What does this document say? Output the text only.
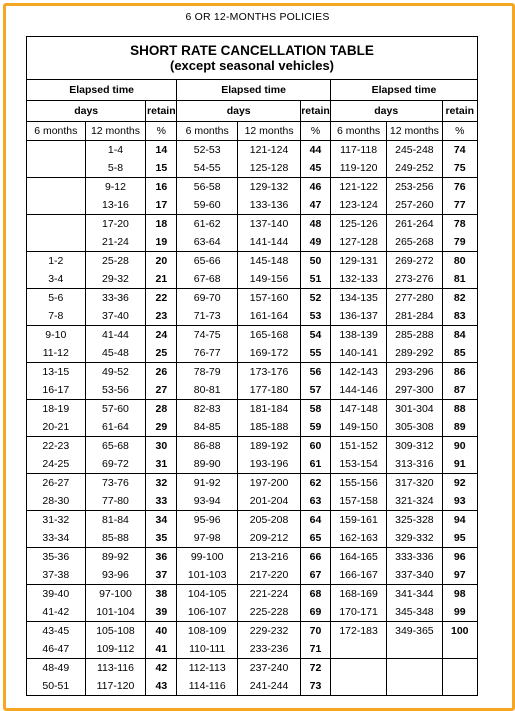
6 OR 12-MONTHS POLICIES
SHORT RATE CANCELLATION TABLE
(except seasonal vehicles)								

Elapsed time			Elapsed time			Elapsed time		
days		retain	days		retain	days		retain
6 months	12 months	%	6 months	12 months	%	6 months	12 months	%
	1-4	14	52-53	121-124	44	117-118	245-248	74
	5-8	15	54-55	125-128	45	119-120	249-252	75
	9-12	16	56-58	129-132	46	121-122	253-256	76
	13-16	17	59-60	133-136	47	123-124	257-260	77
	17-20	18	61-62	137-140	48	125-126	261-264	78
	21-24	19	63-64	141-144	49	127-128	265-268	79
1-2	25-28	20	65-66	145-148	50	129-131	269-272	80
3-4	29-32	21	67-68	149-156	51	132-133	273-276	81
5-6	33-36	22	69-70	157-160	52	134-135	277-280	82
7-8	37-40	23	71-73	161-164	53	136-137	281-284	83
9-10	41-44	24	74-75	165-168	54	138-139	285-288	84
11-12	45-48	25	76-77	169-172	55	140-141	289-292	85
13-15	49-52	26	78-79	173-176	56	142-143	293-296	86
16-17	53-56	27	80-81	177-180	57	144-146	297-300	87
18-19	57-60	28	82-83	181-184	58	147-148	301-304	88
20-21	61-64	29	84-85	185-188	59	149-150	305-308	89
22-23	65-68	30	86-88	189-192	60	151-152	309-312	90
24-25	69-72	31	89-90	193-196	61	153-154	313-316	91
26-27	73-76	32	91-92	197-200	62	155-156	317-320	92
28-30	77-80	33	93-94	201-204	63	157-158	321-324	93
31-32	81-84	34	95-96	205-208	64	159-161	325-328	94
33-34	85-88	35	97-98	209-212	65	162-163	329-332	95
35-36	89-92	36	99-100	213-216	66	164-165	333-336	96
37-38	93-96	37	101-103	217-220	67	166-167	337-340	97
39-40	97-100	38	104-105	221-224	68	168-169	341-344	98
41-42	101-104	39	106-107	225-228	69	170-171	345-348	99
43-45	105-108	40	108-109	229-232	70	172-183	349-365	100
46-47	109-112	41	110-111	233-236	71			
48-49	113-116	42	112-113	237-240	72			
50-51	117-120	43	114-116	241-244	73			
